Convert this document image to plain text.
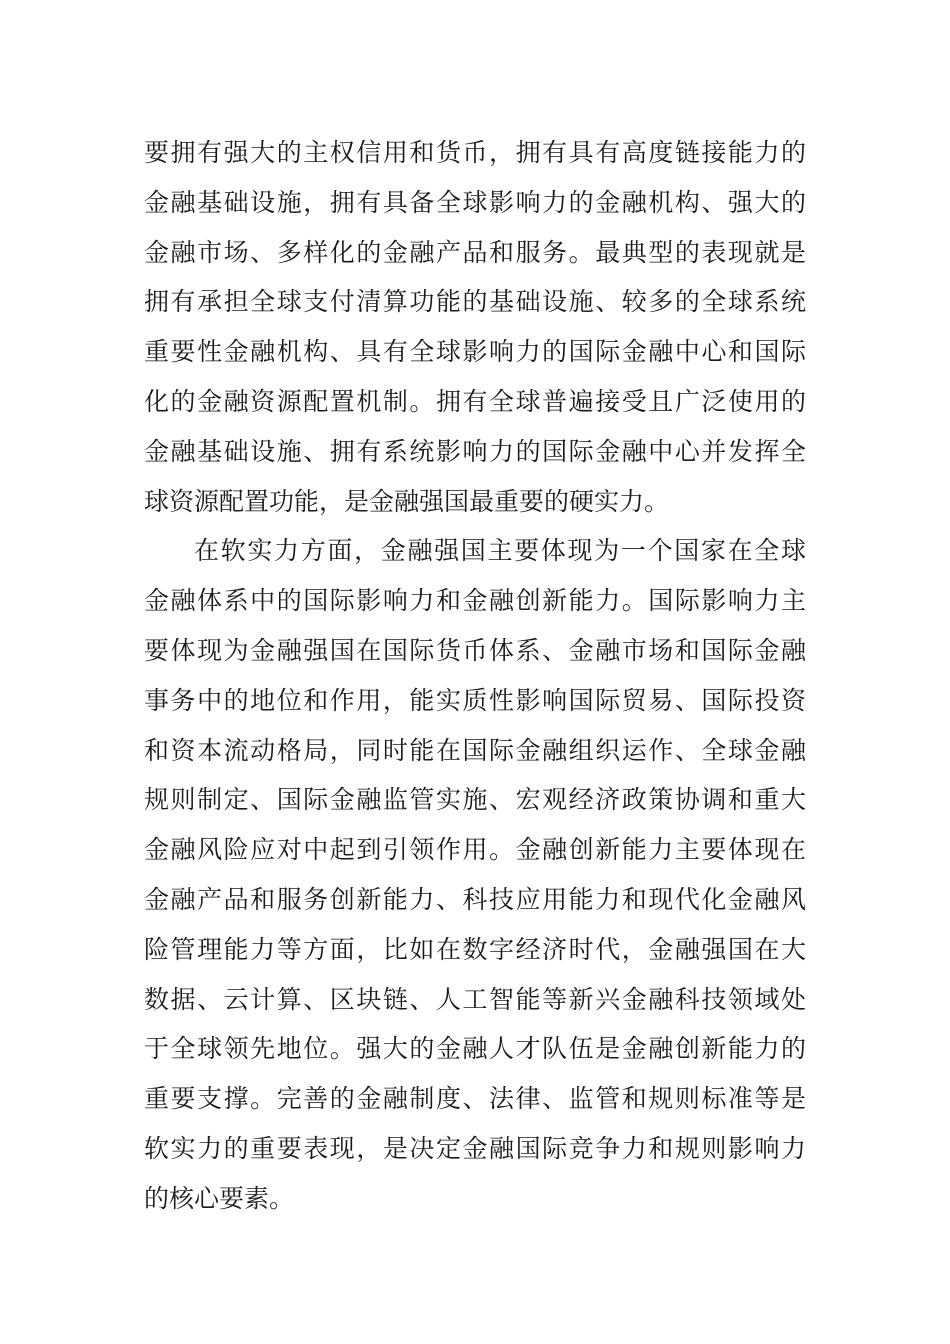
要拥有强大的主权信用和货币，拥有具有高度链接能力的
金融基础设施，拥有具备全球影响力的金融机构、强大的
金融市场、多样化的金融产品和服务。最典型的表现就是
拥有承担全球支付清算功能的基础设施、较多的全球系统
重要性金融机构、具有全球影响力的国际金融中心和国际
化的金融资源配置机制。拥有全球普遍接受且广泛使用的
金融基础设施、拥有系统影响力的国际金融中心并发挥全
球资源配置功能，是金融强国最重要的硬实力。
在软实力方面，金融强国主要体现为一个国家在全球
金融体系中的国际影响力和金融创新能力。国际影响力主
要体现为金融强国在国际货币体系、金融市场和国际金融
事务中的地位和作用，能实质性影响国际贸易、国际投资
和资本流动格局，同时能在国际金融组织运作、全球金融
规则制定、国际金融监管实施、宏观经济政策协调和重大
金融风险应对中起到引领作用。金融创新能力主要体现在
金融产品和服务创新能力、科技应用能力和现代化金融风
险管理能力等方面，比如在数字经济时代，金融强国在大
数据、云计算、区块链、人工智能等新兴金融科技领域处
于全球领先地位。强大的金融人才队伍是金融创新能力的
重要支撑。完善的金融制度、法律、监管和规则标准等是
软实力的重要表现，是决定金融国际竞争力和规则影响力
的核心要素。
